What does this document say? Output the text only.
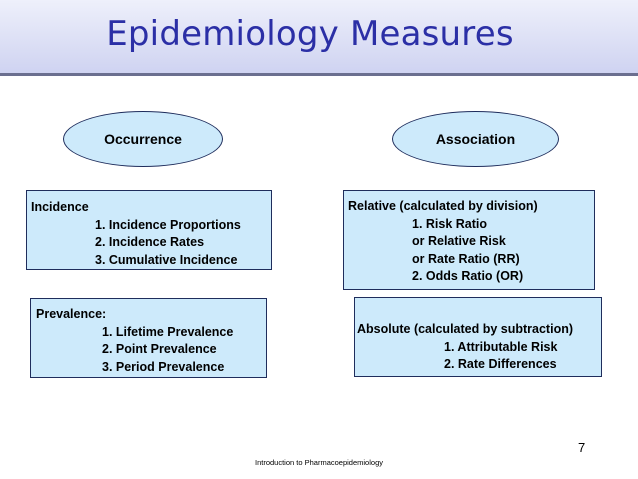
Epidemiology Measures
Occurrence	Association
Incidence
1. Incidence Proportions
2. Incidence Rates
3. Cumulative Incidence
Prevalence:
1. Lifetime Prevalence
2. Point Prevalence
3. Period Prevalence
Relative (calculated by division)
1. Risk Ratio
or Relative Risk
or Rate Ratio (RR)
2. Odds Ratio (OR)
Absolute (calculated by subtraction)
1. Attributable Risk
2. Rate Differences
7
Introduction to Pharmacoepidemiology
